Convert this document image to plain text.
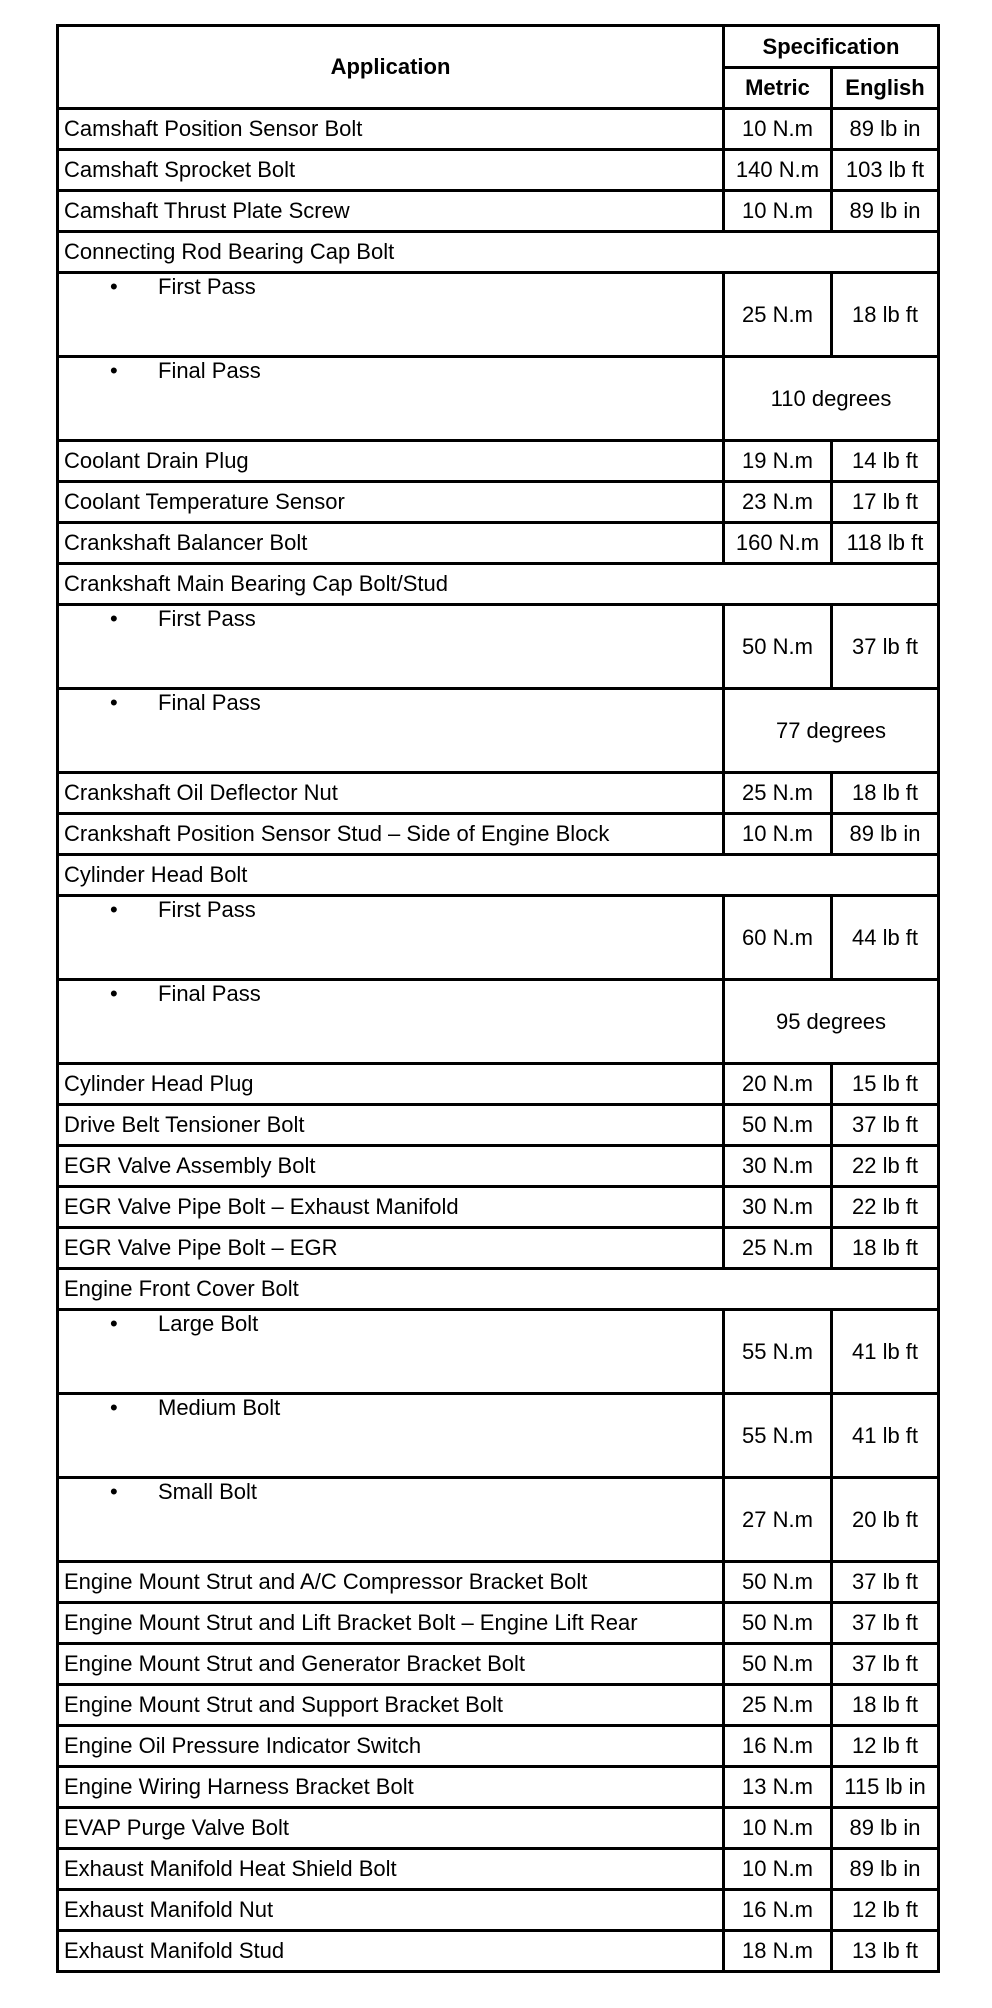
Application	Specification	
	Metric	English
Camshaft Position Sensor Bolt	10 N.m	89 lb in
Camshaft Sprocket Bolt	140 N.m	103 lb ft
Camshaft Thrust Plate Screw	10 N.m	89 lb in
Connecting Rod Bearing Cap Bolt		
• First Pass	25 N.m	18 lb ft
• Final Pass	110 degrees	
Coolant Drain Plug	19 N.m	14 lb ft
Coolant Temperature Sensor	23 N.m	17 lb ft
Crankshaft Balancer Bolt	160 N.m	118 lb ft
Crankshaft Main Bearing Cap Bolt/Stud		
• First Pass	50 N.m	37 lb ft
• Final Pass	77 degrees	
Crankshaft Oil Deflector Nut	25 N.m	18 lb ft
Crankshaft Position Sensor Stud – Side of Engine Block	10 N.m	89 lb in
Cylinder Head Bolt		
• First Pass	60 N.m	44 lb ft
• Final Pass	95 degrees	
Cylinder Head Plug	20 N.m	15 lb ft
Drive Belt Tensioner Bolt	50 N.m	37 lb ft
EGR Valve Assembly Bolt	30 N.m	22 lb ft
EGR Valve Pipe Bolt – Exhaust Manifold	30 N.m	22 lb ft
EGR Valve Pipe Bolt – EGR	25 N.m	18 lb ft
Engine Front Cover Bolt		
• Large Bolt	55 N.m	41 lb ft
• Medium Bolt	55 N.m	41 lb ft
• Small Bolt	27 N.m	20 lb ft
Engine Mount Strut and A/C Compressor Bracket Bolt	50 N.m	37 lb ft
Engine Mount Strut and Lift Bracket Bolt – Engine Lift Rear	50 N.m	37 lb ft
Engine Mount Strut and Generator Bracket Bolt	50 N.m	37 lb ft
Engine Mount Strut and Support Bracket Bolt	25 N.m	18 lb ft
Engine Oil Pressure Indicator Switch	16 N.m	12 lb ft
Engine Wiring Harness Bracket Bolt	13 N.m	115 lb in
EVAP Purge Valve Bolt	10 N.m	89 lb in
Exhaust Manifold Heat Shield Bolt	10 N.m	89 lb in
Exhaust Manifold Nut	16 N.m	12 lb ft
Exhaust Manifold Stud	18 N.m	13 lb ft
